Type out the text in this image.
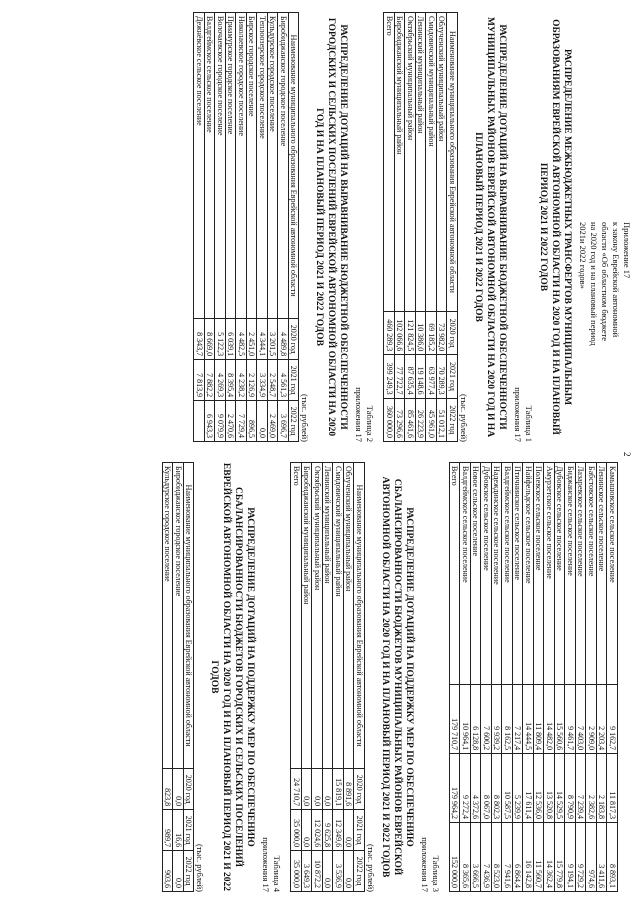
2
Приложение 17
к закону Еврейской автономной
области «Об областном бюджете
на 2020 год и на плановый период
2021и 2022 годов»
РАСПРЕДЕЛЕНИЕ МЕЖБЮДЖЕТНЫХ ТРАНСФЕРТОВ МУНИЦИПАЛЬНЫМ ОБРАЗОВАНИЯМ ЕВРЕЙСКОЙ АВТОНОМНОЙ ОБЛАСТИ НА 2020 ГОД И НА ПЛАНОВЫЙ ПЕРИОД 2021 И 2022 ГОДОВ
Таблица 1
приложения 17
РАСПРЕДЕЛЕНИЕ ДОТАЦИЙ НА ВЫРАВНИВАНИЕ БЮДЖЕТНОЙ ОБЕСПЕЧЕННОСТИ МУНИЦИПАЛЬНЫХ РАЙОНОВ ЕВРЕЙСКОЙ АВТОНОМНОЙ ОБЛАСТИ НА 2020 ГОД И НА ПЛАНОВЫЙ ПЕРИОД 2021 И 2022 ГОДОВ
(тыс. рублей)
Наименование муниципального образования Еврейской автономной области	2020 год	2021 год	2022 год
Облученский муниципальный район	73 982,0	70 289,3	51 012,1
Смидовичский муниципальный район	69 185,2	63 977,4	45 961,0
Ленинский муниципальный район	10 386,0	19 148,6	26 223,9
Октябрьский муниципальный район	121 824,5	87 635,4	85 461,6
Биробиджанский муниципальный район	102 066,6	77 722,7	73 296,6
Всего	460 289,3	399 249,3	360 000,0
Таблица 2
приложения 17
РАСПРЕДЕЛЕНИЕ ДОТАЦИЙ НА ВЫРАВНИВАНИЕ БЮДЖЕТНОЙ ОБЕСПЕЧЕННОСТИ ГОРОДСКИХ И СЕЛЬСКИХ ПОСЕЛЕНИЙ ЕВРЕЙСКОЙ АВТОНОМНОЙ ОБЛАСТИ НА 2020 ГОД И НА ПЛАНОВЫЙ ПЕРИОД 2021 И 2022 ГОДОВ
(тыс. рублей)
Наименование муниципального образования Еврейской автономной области	2020 год	2021 год	2022 год
Биробиджанское городское поселение	4 489,8	4 561,3	3 696,7
Кульдурское городское поселение	3 201,5	2 548,7	2 469,0
Теплоозерское городское поселение	4 344,1	3 334,9	0,0
Бирское городское поселение	2 451,0	2 126,9	896,5
Николаевское городское поселение	4 482,5	4 238,2	7 729,4
Приамурское городское поселение	6 039,1	8 395,4	2 470,6
Волочаевское городское поселение	5 122,3	4 269,3	9 079,9
Валдгеймское сельское поселение	8 669,0	7 882,2	6 943,3
Дежнёвское сельское поселение	8 343,7	7 813,9	
Камышовское сельское поселение	9 162,7	11 817,3	8 893,1
Ленинское сельское поселение	2 203,4	2 183,8	3 411,6
Бабстовское сельское поселение	2 909,0	2 382,6	974,6
Лазаревское сельское поселение	7 403,0	7 239,4	9 729,2
Биджанское сельское поселение	9 461,7	8 790,9	9 194,1
Дубовское сельское поселение	15 560,6	14 529,5	15 779,8
Амурзетское сельское поселение	14 482,0	13 520,8	14 362,4
Полевское сельское поселение	11 809,4	12 536,0	11 560,7
Найфельдское сельское поселение	14 444,5	17 611,4	16 142,8
Птичнинское сельское поселение	7 217,4	5 239,9	6 864,4
Валдгеймское сельское поселение	8 162,5	10 587,5	7 941,6
Надеждинское сельское поселение	9 939,2	8 802,3	8 523,0
Дубовское сельское поселение	7 600,2	8 067,0	7 436,9
Новое сельское поселение	6 128,8	4 372,6	3 666,5
Валдгеймское сельское поселение	10 964,1	9 272,4	8 365,6
Всего	179 710,7	179 964,2	152 000,0
Таблица 3
приложения 17
РАСПРЕДЕЛЕНИЕ ДОТАЦИЙ НА ПОДДЕРЖКУ МЕР ПО ОБЕСПЕЧЕНИЮ СБАЛАНСИРОВАННОСТИ БЮДЖЕТОВ МУНИЦИПАЛЬНЫХ РАЙОНОВ ЕВРЕЙСКОЙ АВТОНОМНОЙ ОБЛАСТИ НА 2020 ГОД И НА ПЛАНОВЫЙ ПЕРИОД 2021 И 2022 ГОДОВ
(тыс. рублей)
Наименование муниципального образования Еврейской автономной области	2020 год	2021 год	2022 год
Облученский муниципальный район	8 891,6	0,0	0,0
Смидовичский муниципальный район	15 819,1	12 349,6	3 536,9
Ленинский муниципальный район	0,0	9 625,8	0,0
Октябрьский муниципальный район	0,0	12 024,6	10 872,2
Биробиджанский муниципальный район	0,0	0,0	3 649,3
Всего	24 710,7	35 000,0	35 000,0
Таблица 4
приложения 17
РАСПРЕДЕЛЕНИЕ ДОТАЦИЙ НА ПОДДЕРЖКУ МЕР ПО ОБЕСПЕЧЕНИЮ СБАЛАНСИРОВАННОСТИ БЮДЖЕТОВ ГОРОДСКИХ И СЕЛЬСКИХ ПОСЕЛЕНИЙ ЕВРЕЙСКОЙ АВТОНОМНОЙ ОБЛАСТИ НА 2020 ГОД И НА ПЛАНОВЫЙ ПЕРИОД 2021 И 2022 ГОДОВ
(тыс. рублей)
Наименование муниципального образования Еврейской автономной области	2020 год	2021 год	2022 год
Биробиджанское городское поселение	0,0	16,6	0,0
Кульдурское городское поселение	823,8	989,7	903,6
